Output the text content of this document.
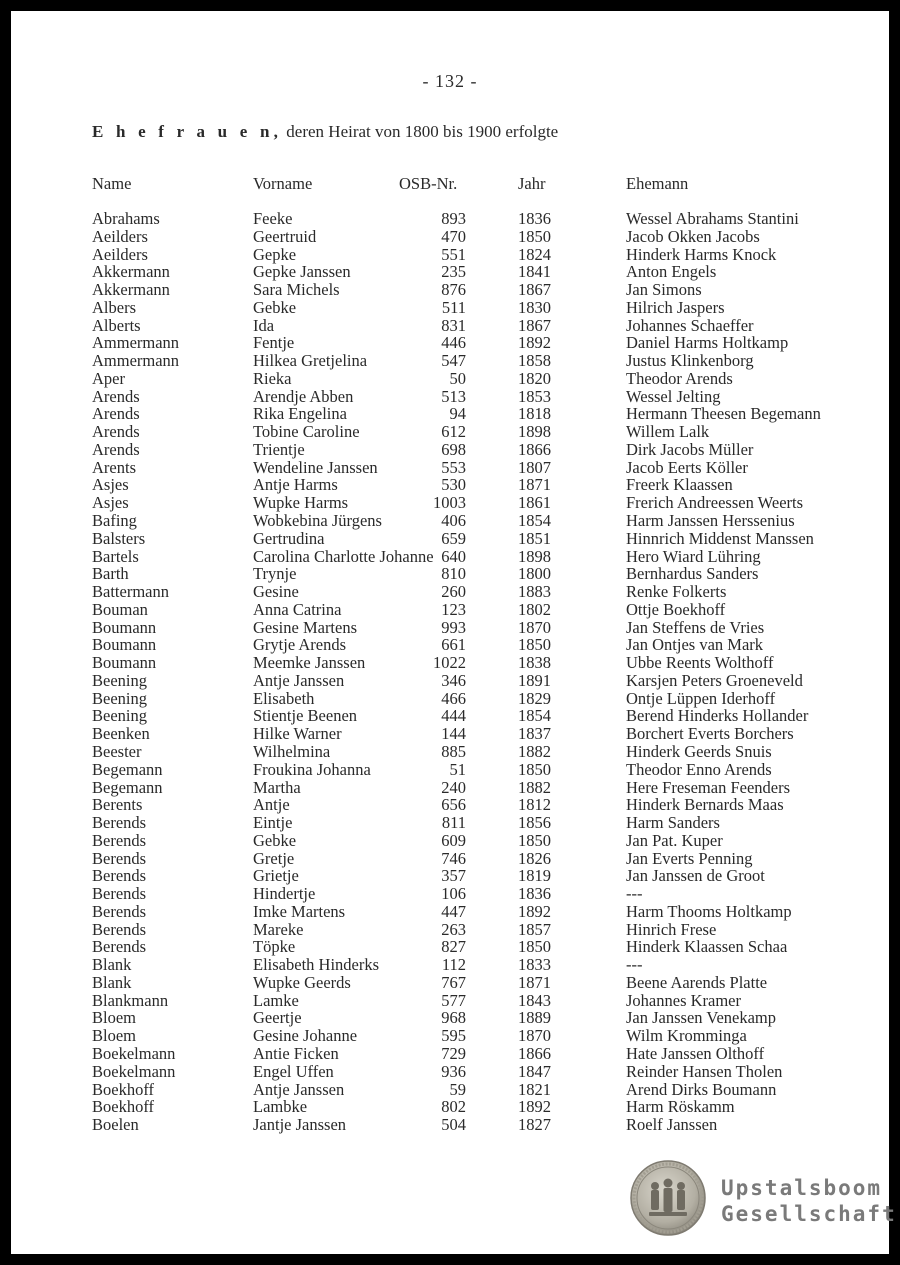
- 132 -
E h e f r a u e n, deren Heirat von 1800 bis 1900 erfolgte
Name	Vorname	OSB-Nr.	Jahr	Ehemann
Abrahams	Feeke	893	1836	Wessel Abrahams Stantini
Aeilders	Geertruid	470	1850	Jacob Okken Jacobs
Aeilders	Gepke	551	1824	Hinderk Harms Knock
Akkermann	Gepke Janssen	235	1841	Anton Engels
Akkermann	Sara Michels	876	1867	Jan Simons
Albers	Gebke	511	1830	Hilrich Jaspers
Alberts	Ida	831	1867	Johannes Schaeffer
Ammermann	Fentje	446	1892	Daniel Harms Holtkamp
Ammermann	Hilkea Gretjelina	547	1858	Justus Klinkenborg
Aper	Rieka	50	1820	Theodor Arends
Arends	Arendje Abben	513	1853	Wessel Jelting
Arends	Rika Engelina	94	1818	Hermann Theesen Begemann
Arends	Tobine Caroline	612	1898	Willem Lalk
Arends	Trientje	698	1866	Dirk Jacobs Müller
Arents	Wendeline Janssen	553	1807	Jacob Eerts Köller
Asjes	Antje Harms	530	1871	Freerk Klaassen
Asjes	Wupke Harms	1003	1861	Frerich Andreessen Weerts
Bafing	Wobkebina Jürgens	406	1854	Harm Janssen Herssenius
Balsters	Gertrudina	659	1851	Hinnrich Middenst Manssen
Bartels	Carolina Charlotte Johanne 640	1898	Hero Wiard Lühring
Barth	Trynje	810	1800	Bernhardus Sanders
Battermann	Gesine	260	1883	Renke Folkerts
Bouman	Anna Catrina	123	1802	Ottje Boekhoff
Boumann	Gesine Martens	993	1870	Jan Steffens de Vries
Boumann	Grytje Arends	661	1850	Jan Ontjes van Mark
Boumann	Meemke Janssen	1022	1838	Ubbe Reents Wolthoff
Beening	Antje Janssen	346	1891	Karsjen Peters Groeneveld
Beening	Elisabeth	466	1829	Ontje Lüppen Iderhoff
Beening	Stientje Beenen	444	1854	Berend Hinderks Hollander
Beenken	Hilke Warner	144	1837	Borchert Everts Borchers
Beester	Wilhelmina	885	1882	Hinderk Geerds Snuis
Begemann	Froukina Johanna	51	1850	Theodor Enno Arends
Begemann	Martha	240	1882	Here Freseman Feenders
Berents	Antje	656	1812	Hinderk Bernards Maas
Berends	Eintje	811	1856	Harm Sanders
Berends	Gebke	609	1850	Jan Pat. Kuper
Berends	Gretje	746	1826	Jan Everts Penning
Berends	Grietje	357	1819	Jan Janssen de Groot
Berends	Hindertje	106	1836	---
Berends	Imke Martens	447	1892	Harm Thooms Holtkamp
Berends	Mareke	263	1857	Hinrich Frese
Berends	Töpke	827	1850	Hinderk Klaassen Schaa
Blank	Elisabeth Hinderks	112	1833	---
Blank	Wupke Geerds	767	1871	Beene Aarends Platte
Blankmann	Lamke	577	1843	Johannes Kramer
Bloem	Geertje	968	1889	Jan Janssen Venekamp
Bloem	Gesine Johanne	595	1870	Wilm Kromminga
Boekelmann	Antie Ficken	729	1866	Hate Janssen Olthoff
Boekelmann	Engel Uffen	936	1847	Reinder Hansen Tholen
Boekhoff	Antje Janssen	59	1821	Arend Dirks Boumann
Boekhoff	Lambke	802	1892	Harm Röskamm
Boelen	Jantje Janssen	504	1827	Roelf Janssen
Upstalsboom
Gesellschaft
